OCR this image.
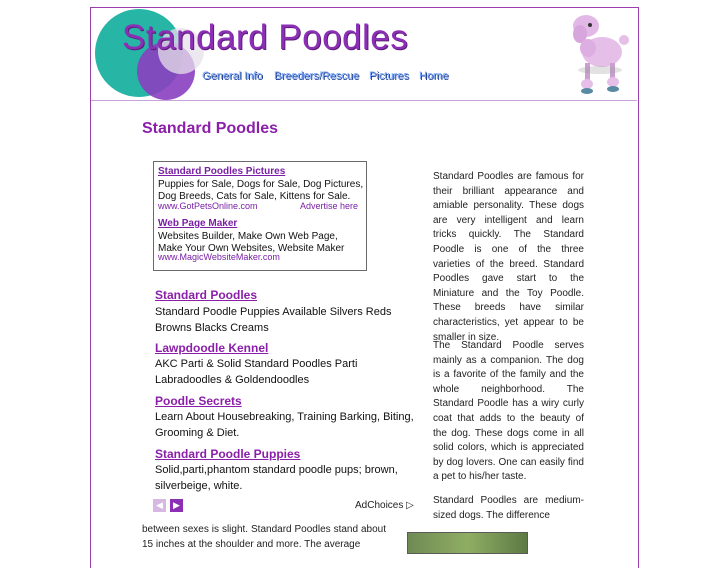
Standard Poodles
General Info Breeders/Rescue Pictures Home
Standard Poodles
Standard Poodles Pictures
Puppies for Sale, Dogs for Sale, Dog Pictures, Dog Breeds, Cats for Sale, Kittens for Sale.
www.GotPetsOnline.com	Advertise here
Web Page Maker
Websites Builder, Make Own Web Page, Make Your Own Websites, Website Maker
www.MagicWebsiteMaker.com
Standard Poodles
Standard Poodle Puppies Available Silvers Reds Browns Blacks Creams
Lawpdoodle Kennel
AKC Parti & Solid Standard Poodles Parti Labradoodles & Goldendoodles
Poodle Secrets
Learn About Housebreaking, Training Barking, Biting, Grooming & Diet.
Standard Poodle Puppies
Solid,parti,phantom standard poodle pups; brown, silverbeige, white.
◀	▶	AdChoices ▷
Standard Poodles are famous for their brilliant appearance and amiable personality. These dogs are very intelligent and learn tricks quickly. The Standard Poodle is one of the three varieties of the breed. Standard Poodles gave start to the Miniature and the Toy Poodle. These breeds have similar characteristics, yet appear to be smaller in size.
The Standard Poodle serves mainly as a companion. The dog is a favorite of the family and the whole neighborhood. The Standard Poodle has a wiry curly coat that adds to the beauty of the dog. These dogs come in all solid colors, which is appreciated by dog lovers. One can easily find a pet to his/her taste.
Standard Poodles are medium-sized dogs. The difference
between sexes is slight. Standard Poodles stand about 15 inches at the shoulder and more. The average
